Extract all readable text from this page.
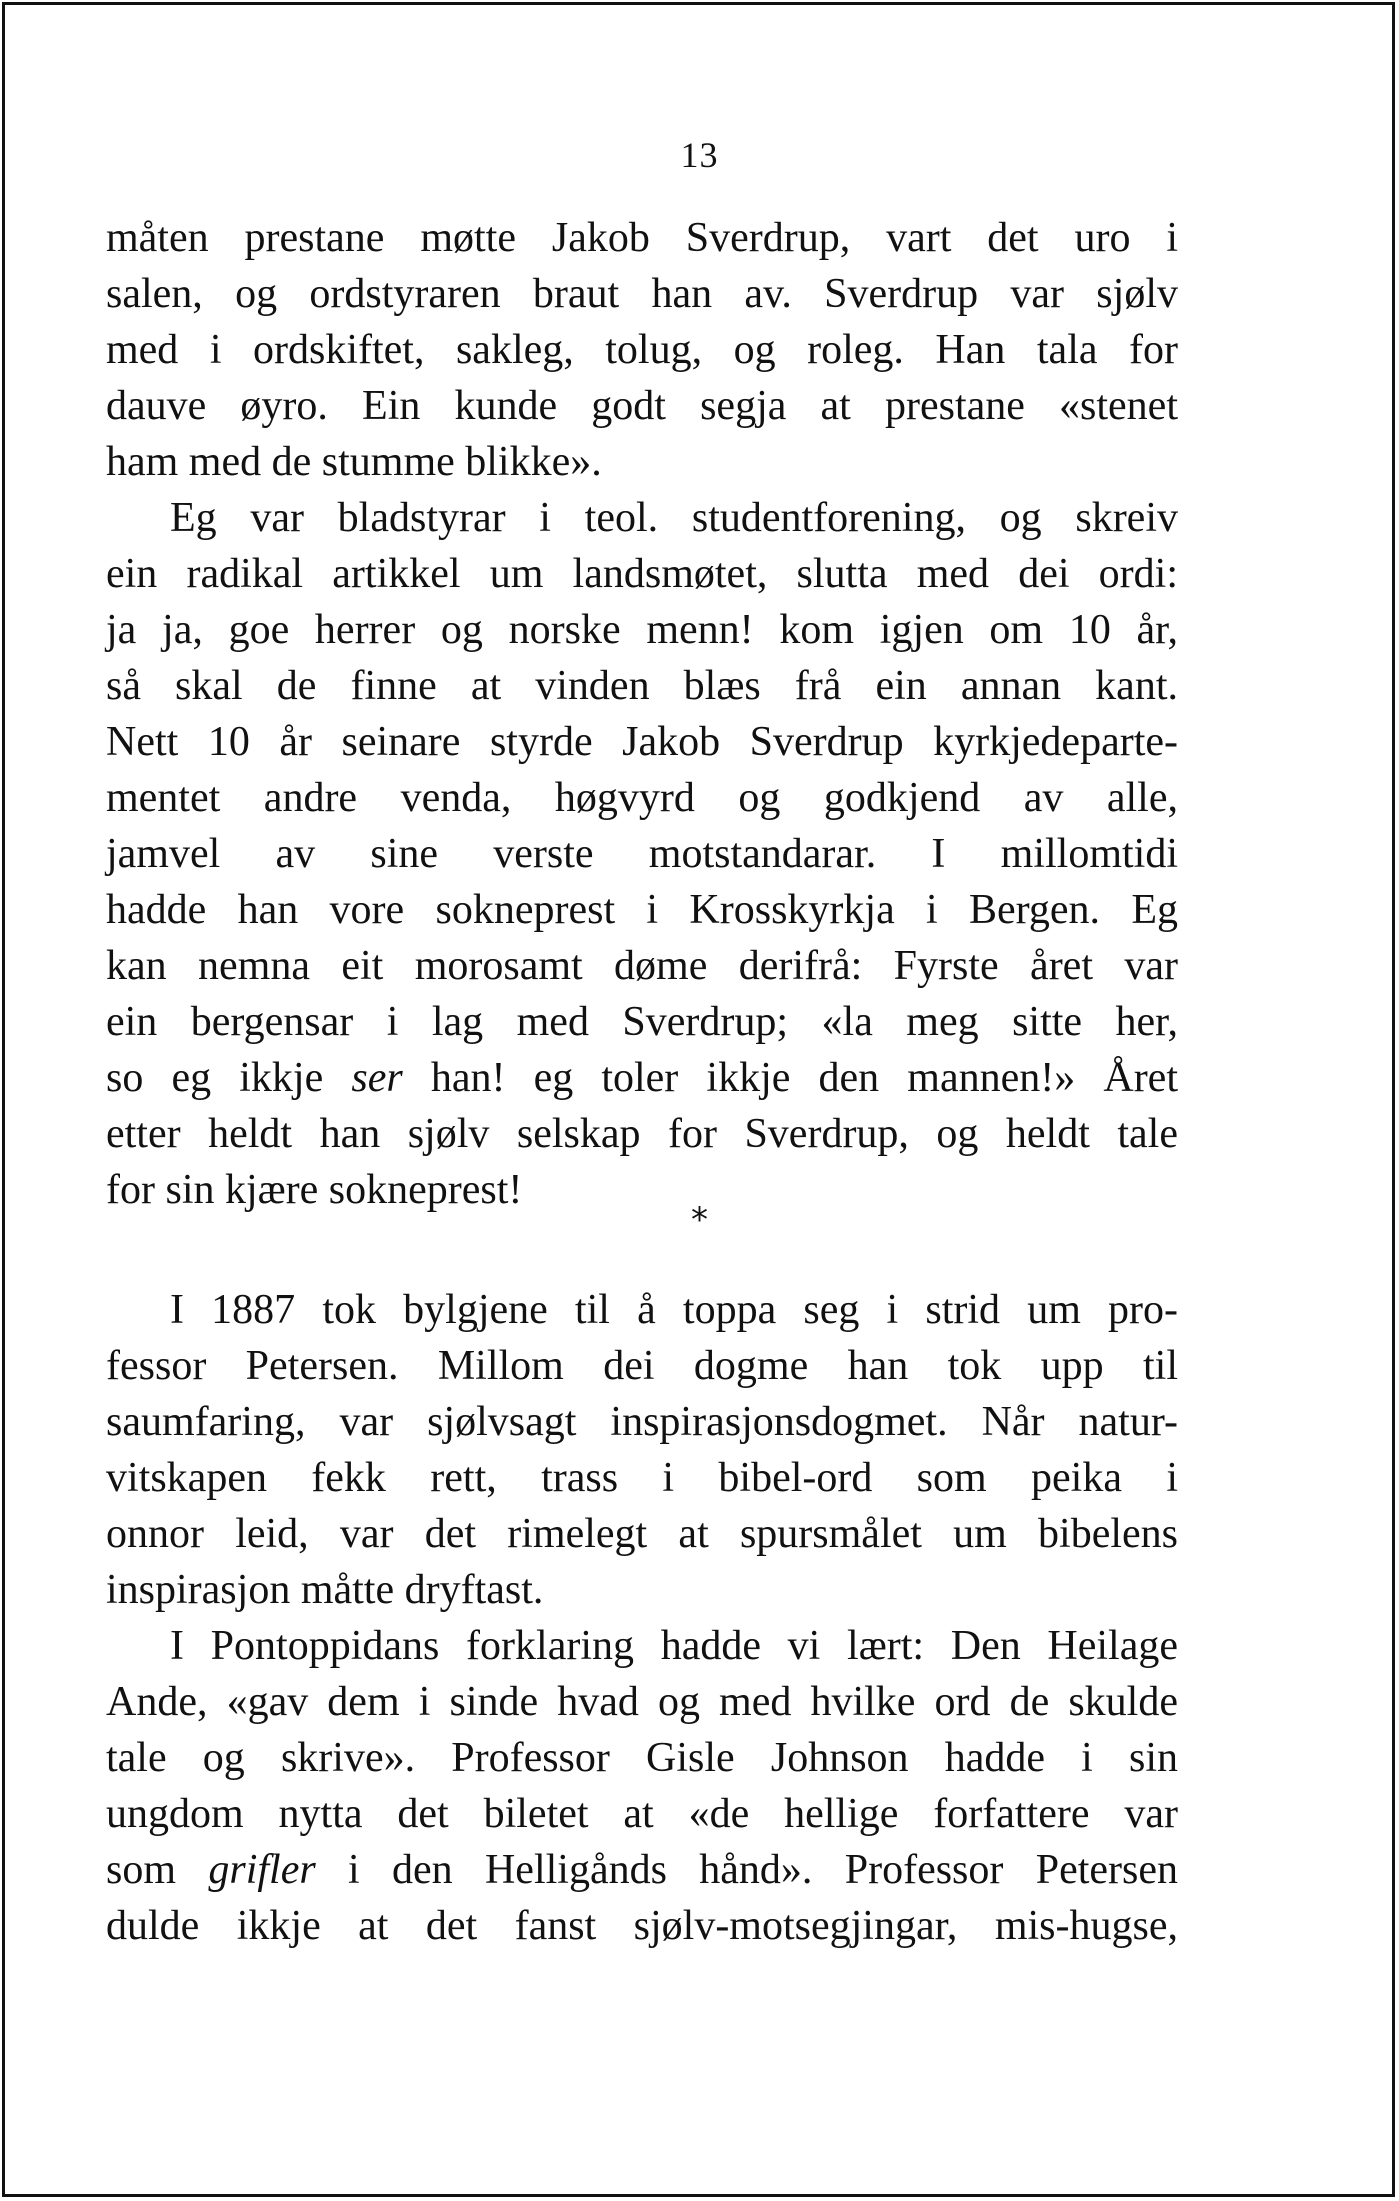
13
måten prestane møtte Jakob Sverdrup, vart det uro i
salen, og ordstyraren braut han av. Sverdrup var sjølv
med i ordskiftet, sakleg, tolug, og roleg. Han tala for
dauve øyro. Ein kunde godt segja at prestane «stenet
ham med de stumme blikke».
Eg var bladstyrar i teol. studentforening, og skreiv
ein radikal artikkel um landsmøtet, slutta med dei ordi:
ja ja, goe herrer og norske menn! kom igjen om 10 år,
så skal de finne at vinden blæs frå ein annan kant.
Nett 10 år seinare styrde Jakob Sverdrup kyrkjedeparte-
mentet andre venda, høgvyrd og godkjend av alle,
jamvel av sine verste motstandarar. I millomtidi
hadde han vore sokneprest i Krosskyrkja i Bergen. Eg
kan nemna eit morosamt døme derifrå: Fyrste året var
ein bergensar i lag med Sverdrup; «la meg sitte her,
so eg ikkje ser han! eg toler ikkje den mannen!» Året
etter heldt han sjølv selskap for Sverdrup, og heldt tale
for sin kjære sokneprest!
*
I 1887 tok bylgjene til å toppa seg i strid um pro-
fessor Petersen. Millom dei dogme han tok upp til
saumfaring, var sjølvsagt inspirasjonsdogmet. Når natur-
vitskapen fekk rett, trass i bibel-ord som peika i
onnor leid, var det rimelegt at spursmålet um bibelens
inspirasjon måtte dryftast.
I Pontoppidans forklaring hadde vi lært: Den Heilage
Ande, «gav dem i sinde hvad og med hvilke ord de skulde
tale og skrive». Professor Gisle Johnson hadde i sin
ungdom nytta det biletet at «de hellige forfattere var
som grifler i den Helligånds hånd». Professor Petersen
dulde ikkje at det fanst sjølv-motsegjingar, mis-hugse,
